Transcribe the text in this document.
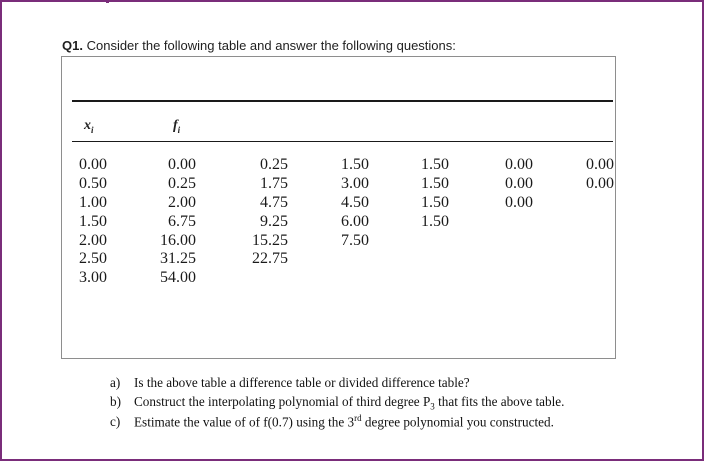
Q1. Consider the following table and answer the following questions:
$x_i$	$f_i$
0.00
0.50
1.00
1.50
2.00
2.50
3.00
0.00
0.25
2.00
6.75
16.00
31.25
54.00
0.25
1.75
4.75
9.25
15.25
22.75
1.50
3.00
4.50
6.00
7.50
1.50
1.50
1.50
1.50
0.00
0.00
0.00
0.00
0.00
a) Is the above table a difference table or divided difference table?
b) Construct the interpolating polynomial of third degree $P_3$ that fits the above table.
c) Estimate the value of of f(0.7) using the 3rd degree polynomial you constructed.
